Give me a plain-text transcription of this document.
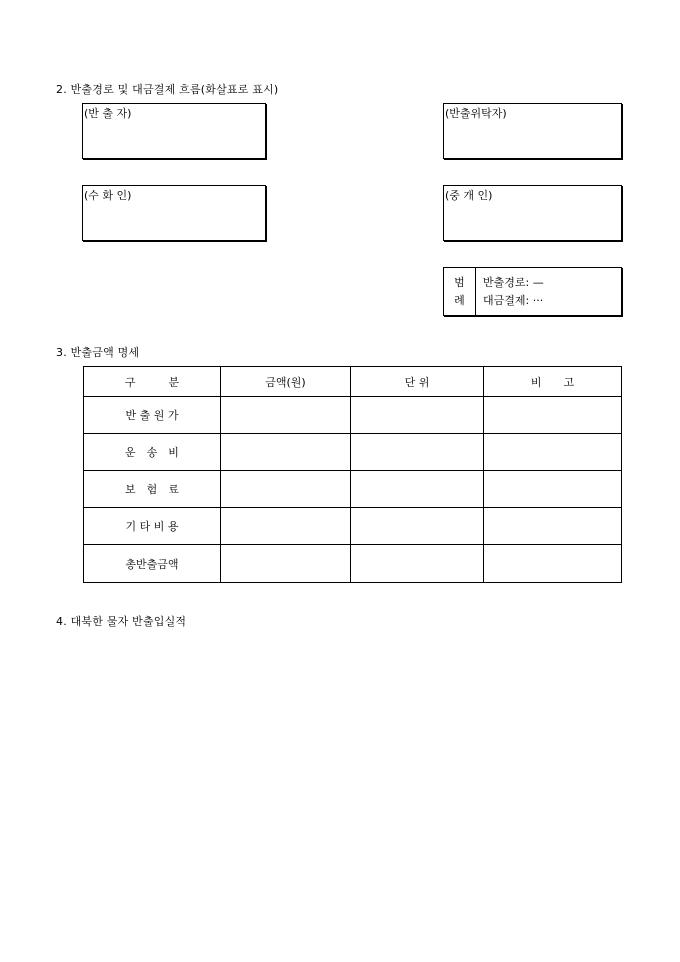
2. 반출경로 및 대금결제 흐름(화살표로 표시)
(반 출 자)	(반출위탁자)
(수 화 인)	(중 개 인)
범
례
반출경로: —
대금결제: ···
3. 반출금액 명세
구　　　분	금액(원)	단 위	비　　고
반 출 원 가			
운　송　비			
보　험　료			
기 타 비 용			
총반출금액			
4. 대북한 물자 반출입실적
